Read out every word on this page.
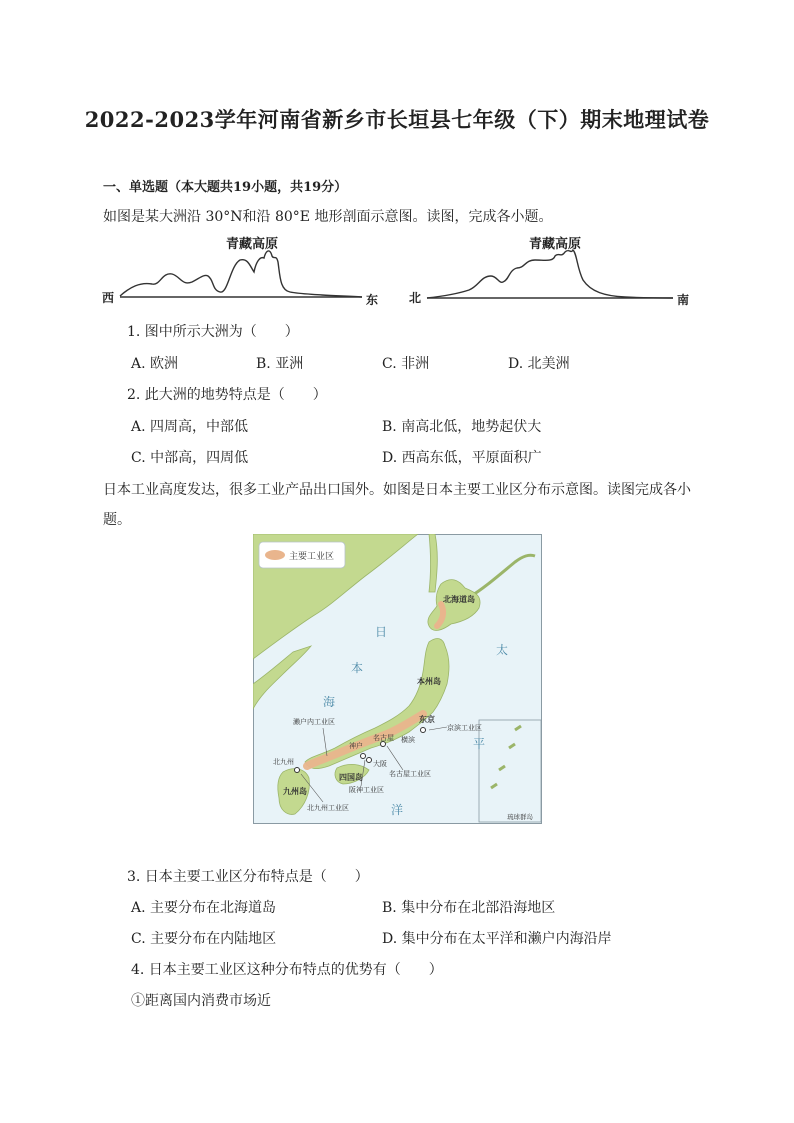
2022-2023学年河南省新乡市长垣县七年级（下）期末地理试卷
一、单选题（本大题共19小题，共19分）
如图是某大洲沿 30°N和沿 80°E 地形剖面示意图。读图，完成各小题。
青藏高原
西	东
青藏高原
北	南
1. 图中所示大洲为（　　）
A. 欧洲	B. 亚洲	C. 非洲	D. 北美洲
2. 此大洲的地势特点是（　　）
A. 四周高，中部低	B. 南高北低，地势起伏大
C. 中部高，四周低	D. 西高东低，平原面积广
日本工业高度发达，很多工业产品出口国外。如图是日本主要工业区分布示意图。读图完成各小
题。
主要工业区
日
本
海
太
平
洋
北海道岛
本州岛
四国岛
九州岛
东京
横滨
名古屋
神户
大阪
北九州
京滨工业区
濑户内工业区
名古屋工业区
阪神工业区
北九州工业区
琉球群岛
3. 日本主要工业区分布特点是（　　）
A. 主要分布在北海道岛	B. 集中分布在北部沿海地区
C. 主要分布在内陆地区	D. 集中分布在太平洋和濑户内海沿岸
4. 日本主要工业区这种分布特点的优势有（　　）
①距离国内消费市场近
